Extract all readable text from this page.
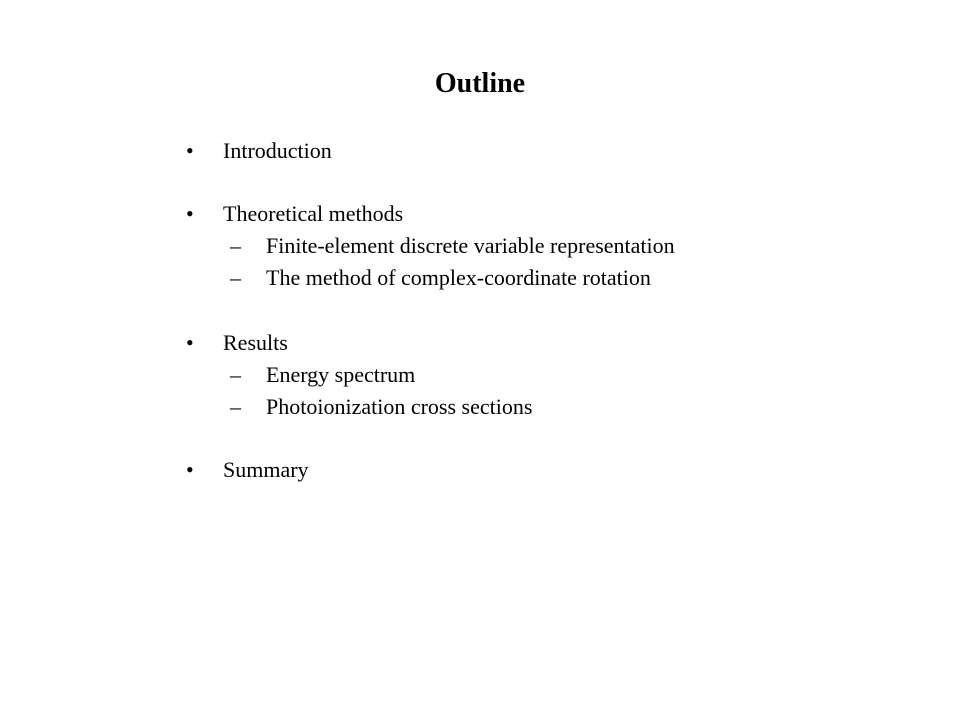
Outline
• Introduction
• Theoretical methods
– Finite-element discrete variable representation
– The method of complex-coordinate rotation
• Results
– Energy spectrum
– Photoionization cross sections
• Summary
